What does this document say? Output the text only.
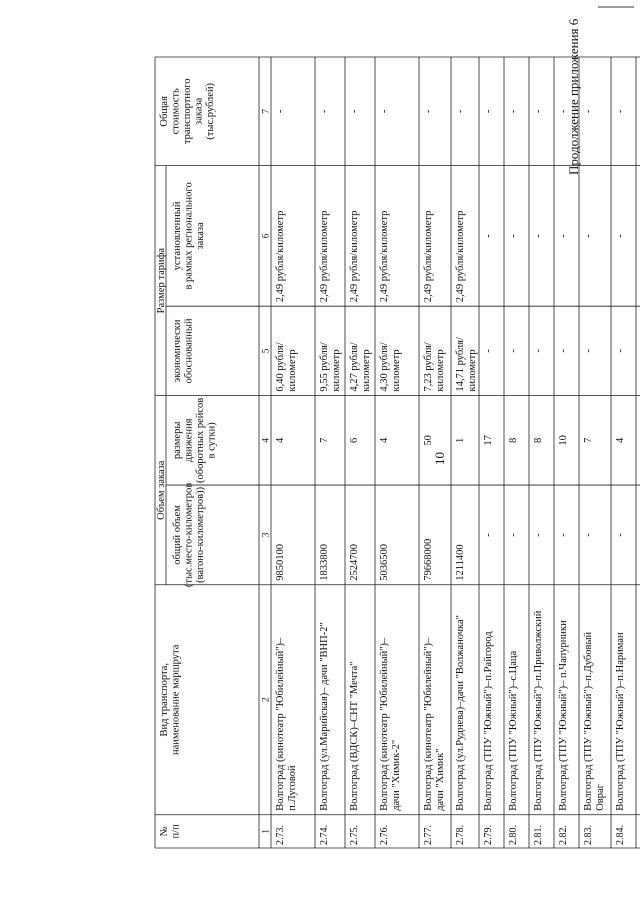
10
Продолжение приложения 6
№ п/п
Вид транспорта, наименование маршрута
Объем заказа
общий объем (тыс.место-километров (вагоно-километров))
размеры движения (оборотных рейсов в сутки)
Размер тарифа
экономически обоснованный
установленный в рамках регионального заказа
Общая стоимость транспортного заказа (тыс.рублей)
1
2
3
4
5
6
7
2.73.
Волгоград (кинотеатр "Юбилейный")– п.Луговой
9850100
4
6,40 рубля/ километр
2,49 рубля/километр
-
2.74.
Волгоград (ул.Марийская)– дачи "ВНП-2"
1833800
7
9,55 рубля/ километр
2,49 рубля/километр
-
2.75.
Волгоград (ВДСК)–СНТ "Мечта"
2524700
6
4,27 рубля/ километр
2,49 рубля/километр
-
2.76.
Волгоград (кинотеатр "Юбилейный")– дачи "Химик-2"
5036500
4
4,30 рубля/ километр
2,49 рубля/километр
-
2.77.
Волгоград (кинотеатр "Юбилейный")– дачи "Химик"
79668000
50
7,23 рубля/ километр
2,49 рубля/километр
-
2.78.
Волгоград (ул.Руднева)–дачи "Волжаночка"
1211400
1
14,71 рубля/ километр
2,49 рубля/километр
-
2.79.
Волгоград (ТПУ "Южный")–п.Райгород
-
17
-
-
-
2.80.
Волгоград (ТПУ "Южный")–с.Цаца
-
8
-
-
-
2.81.
Волгоград (ТПУ "Южный")–п.Приволжский
-
8
-
-
-
2.82.
Волгоград (ТПУ "Южный")– п.Чапурники
-
10
-
-
-
2.83.
Волгоград (ТПУ "Южный")–п.Дубовый Овраг
-
7
-
-
-
2.84.
Волгоград (ТПУ "Южный")–п.Нариман
-
4
-
-
-
